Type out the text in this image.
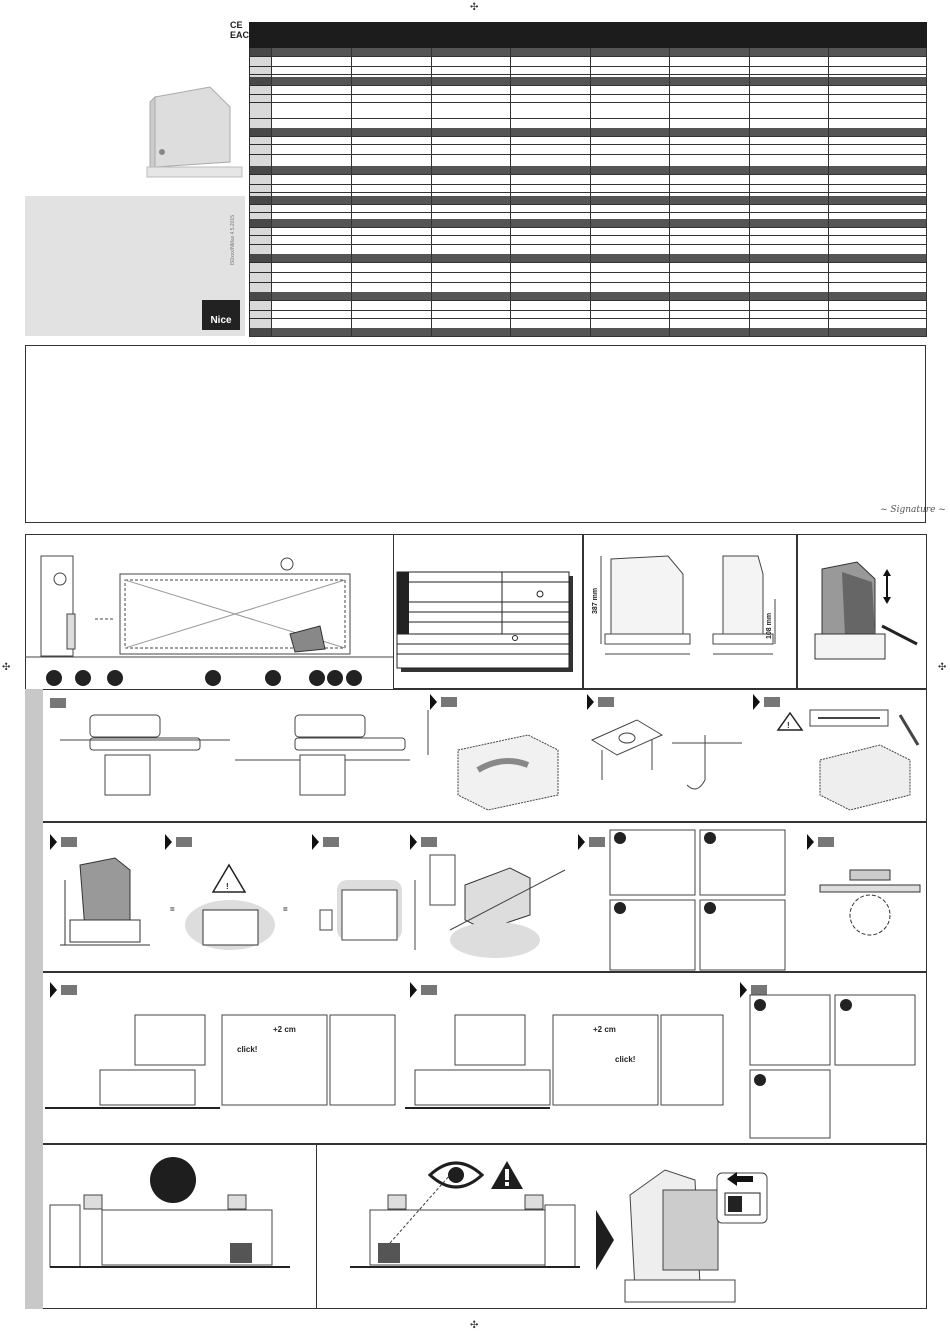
✣
✣
✣	✣
CE
EAC
IS0xxx/NMax 4.5.2015
Nice
~ Signature ~
387 mm
108 mm
!
!
=	=
+2 cm
click!
+2 cm
click!
